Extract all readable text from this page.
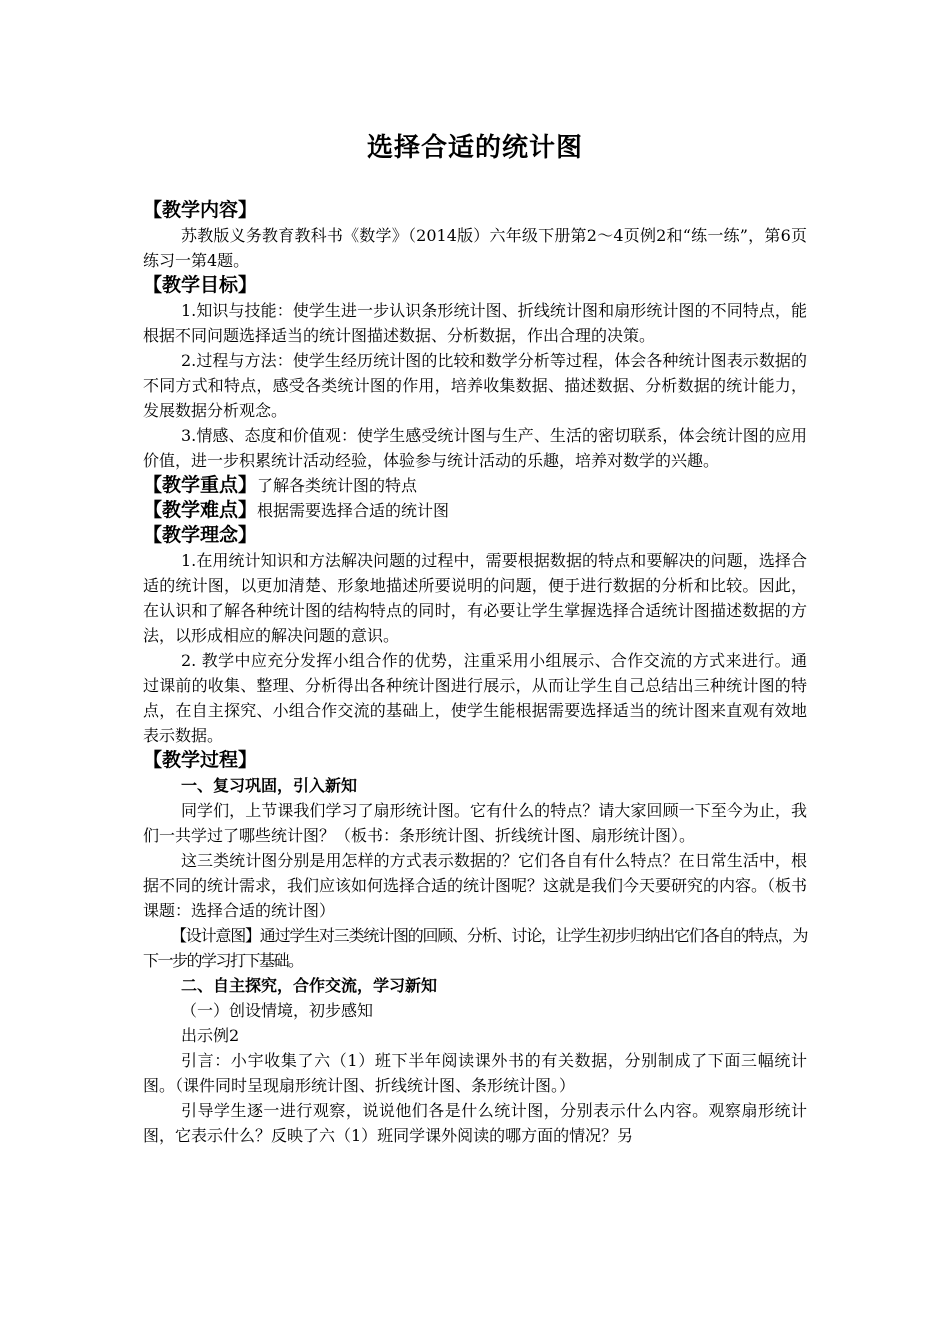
选择合适的统计图
【教学内容】

苏教版义务教育教科书《数学》（2014版）六年级下册第2～4页例2和“练一练”，第6页练习一第4题。

【教学目标】

1.知识与技能：使学生进一步认识条形统计图、折线统计图和扇形统计图的不同特点，能根据不同问题选择适当的统计图描述数据、分析数据，作出合理的决策。

2.过程与方法：使学生经历统计图的比较和数学分析等过程，体会各种统计图表示数据的不同方式和特点，感受各类统计图的作用，培养收集数据、描述数据、分析数据的统计能力，发展数据分析观念。

3.情感、态度和价值观：使学生感受统计图与生产、生活的密切联系，体会统计图的应用价值，进一步积累统计活动经验，体验参与统计活动的乐趣，培养对数学的兴趣。

【教学重点】了解各类统计图的特点
【教学难点】根据需要选择合适的统计图
【教学理念】

1.在用统计知识和方法解决问题的过程中，需要根据数据的特点和要解决的问题，选择合适的统计图，以更加清楚、形象地描述所要说明的问题，便于进行数据的分析和比较。因此，在认识和了解各种统计图的结构特点的同时，有必要让学生掌握选择合适统计图描述数据的方法，以形成相应的解决问题的意识。

2. 教学中应充分发挥小组合作的优势，注重采用小组展示、合作交流的方式来进行。通过课前的收集、整理、分析得出各种统计图进行展示，从而让学生自己总结出三种统计图的特点，在自主探究、小组合作交流的基础上，使学生能根据需要选择适当的统计图来直观有效地表示数据。

【教学过程】
一、复习巩固，引入新知

同学们，上节课我们学习了扇形统计图。它有什么的特点？请大家回顾一下至今为止，我们一共学过了哪些统计图？（板书：条形统计图、折线统计图、扇形统计图）。

这三类统计图分别是用怎样的方式表示数据的？它们各自有什么特点？在日常生活中，根据不同的统计需求，我们应该如何选择合适的统计图呢？这就是我们今天要研究的内容。（板书课题：选择合适的统计图）

【设计意图】通过学生对三类统计图的回顾、分析、讨论，让学生初步归纳出它们各自的特点，为下一步的学习打下基础。

二、自主探究，合作交流，学习新知
（一）创设情境，初步感知
出示例2

引言：小宇收集了六（1）班下半年阅读课外书的有关数据，分别制成了下面三幅统计图。（课件同时呈现扇形统计图、折线统计图、条形统计图。）

引导学生逐一进行观察，说说他们各是什么统计图，分别表示什么内容。观察扇形统计图，它表示什么？反映了六（1）班同学课外阅读的哪方面的情况？另
